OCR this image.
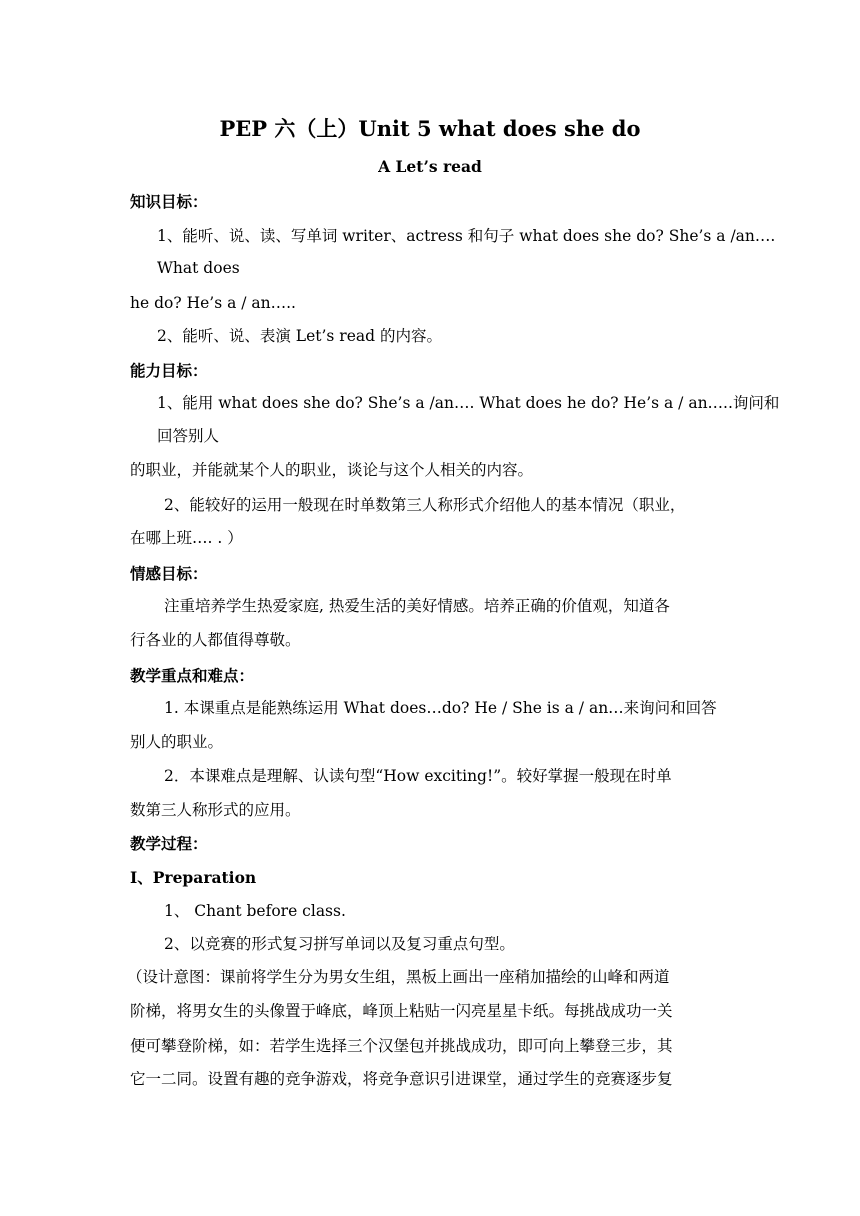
PEP 六（上）Unit 5 what does she do
A Let’s read
知识目标：
1、能听、说、读、写单词 writer、actress 和句子 what does she do? She’s a /an….
What does
he do? He’s a / an…..
2、能听、说、表演 Let’s read 的内容。
能力目标：
1、能用 what does she do? She’s a /an…. What does he do? He’s a / an…..询问和
回答别人
的职业，并能就某个人的职业，谈论与这个人相关的内容。
2、能较好的运用一般现在时单数第三人称形式介绍他人的基本情况（职业，
在哪上班…. . ）
情感目标：
注重培养学生热爱家庭, 热爱生活的美好情感。培养正确的价值观，知道各
行各业的人都值得尊敬。
教学重点和难点：
1. 本课重点是能熟练运用 What does…do? He / She is a / an…来询问和回答
别人的职业。
2．本课难点是理解、认读句型“How exciting!”。较好掌握一般现在时单
数第三人称形式的应用。
教学过程：
Ⅰ、Preparation
1、 Chant before class.
2、以竞赛的形式复习拼写单词以及复习重点句型。
（设计意图：课前将学生分为男女生组，黑板上画出一座稍加描绘的山峰和两道
阶梯，将男女生的头像置于峰底，峰顶上粘贴一闪亮星星卡纸。每挑战成功一关
便可攀登阶梯，如：若学生选择三个汉堡包并挑战成功，即可向上攀登三步，其
它一二同。设置有趣的竞争游戏，将竞争意识引进课堂，通过学生的竞赛逐步复
